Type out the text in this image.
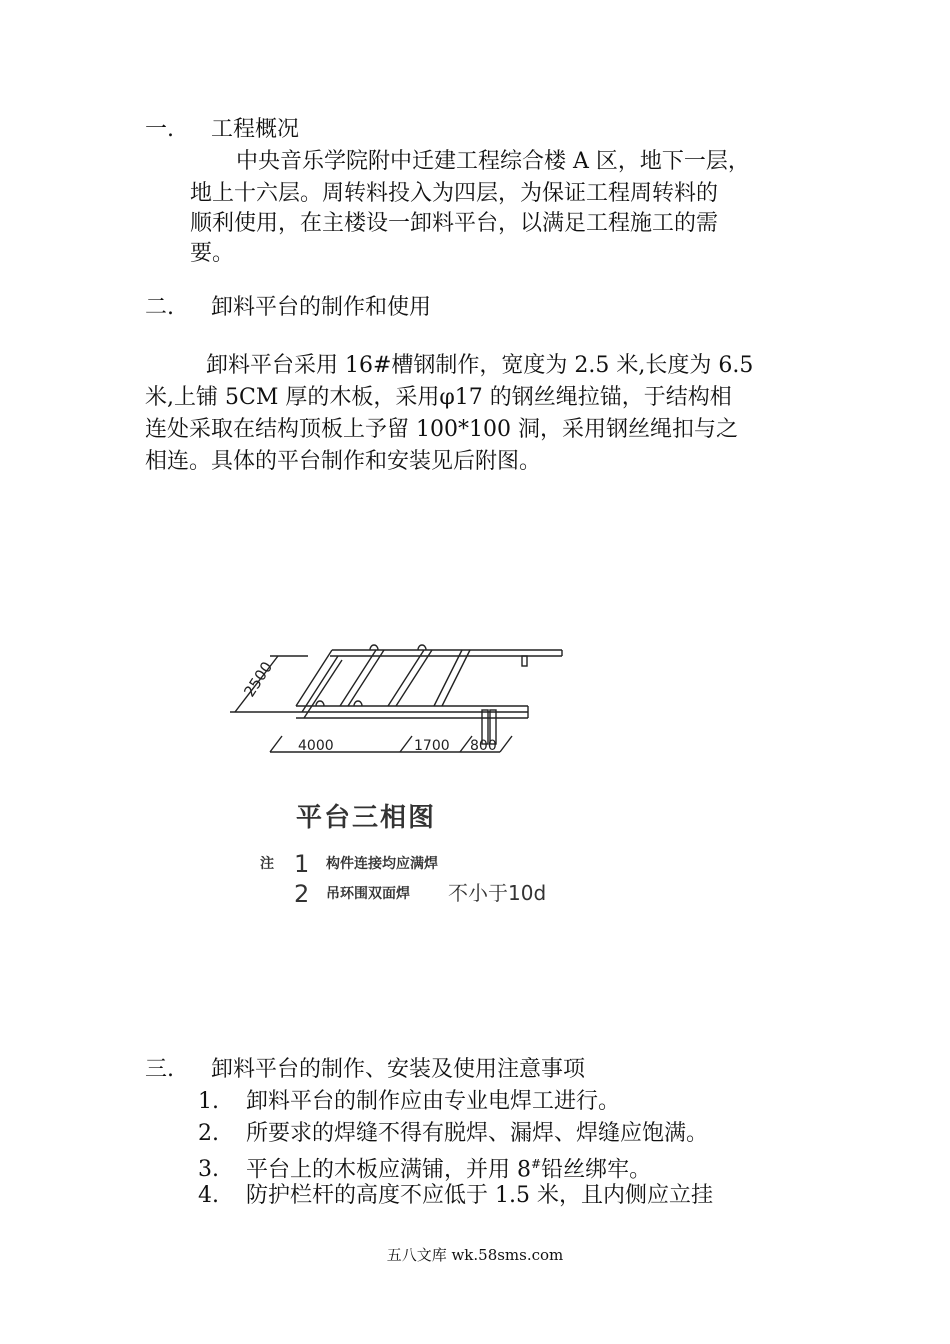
一. 工程概况
中央音乐学院附中迁建工程综合楼 A 区，地下一层，
地上十六层。周转料投入为四层，为保证工程周转料的
顺利使用，在主楼设一卸料平台，以满足工程施工的需
要。
二. 卸料平台的制作和使用
卸料平台采用 16#槽钢制作，宽度为 2.5 米,长度为 6.5
米,上铺 5CM 厚的木板，采用φ17 的钢丝绳拉锚，于结构相
连处采取在结构顶板上予留 100*100 洞，采用钢丝绳扣与之
相连。具体的平台制作和安装见后附图。
2500
4000	1700 800
平台三相图
注 1 构件连接均应满焊
2 吊环围双面焊 不小于10d
三. 卸料平台的制作、安装及使用注意事项
1. 卸料平台的制作应由专业电焊工进行。
2. 所要求的焊缝不得有脱焊、漏焊、焊缝应饱满。
3. 平台上的木板应满铺，并用 8#铅丝绑牢。
4. 防护栏杆的高度不应低于 1.5 米，且内侧应立挂
五八文库 wk.58sms.com
